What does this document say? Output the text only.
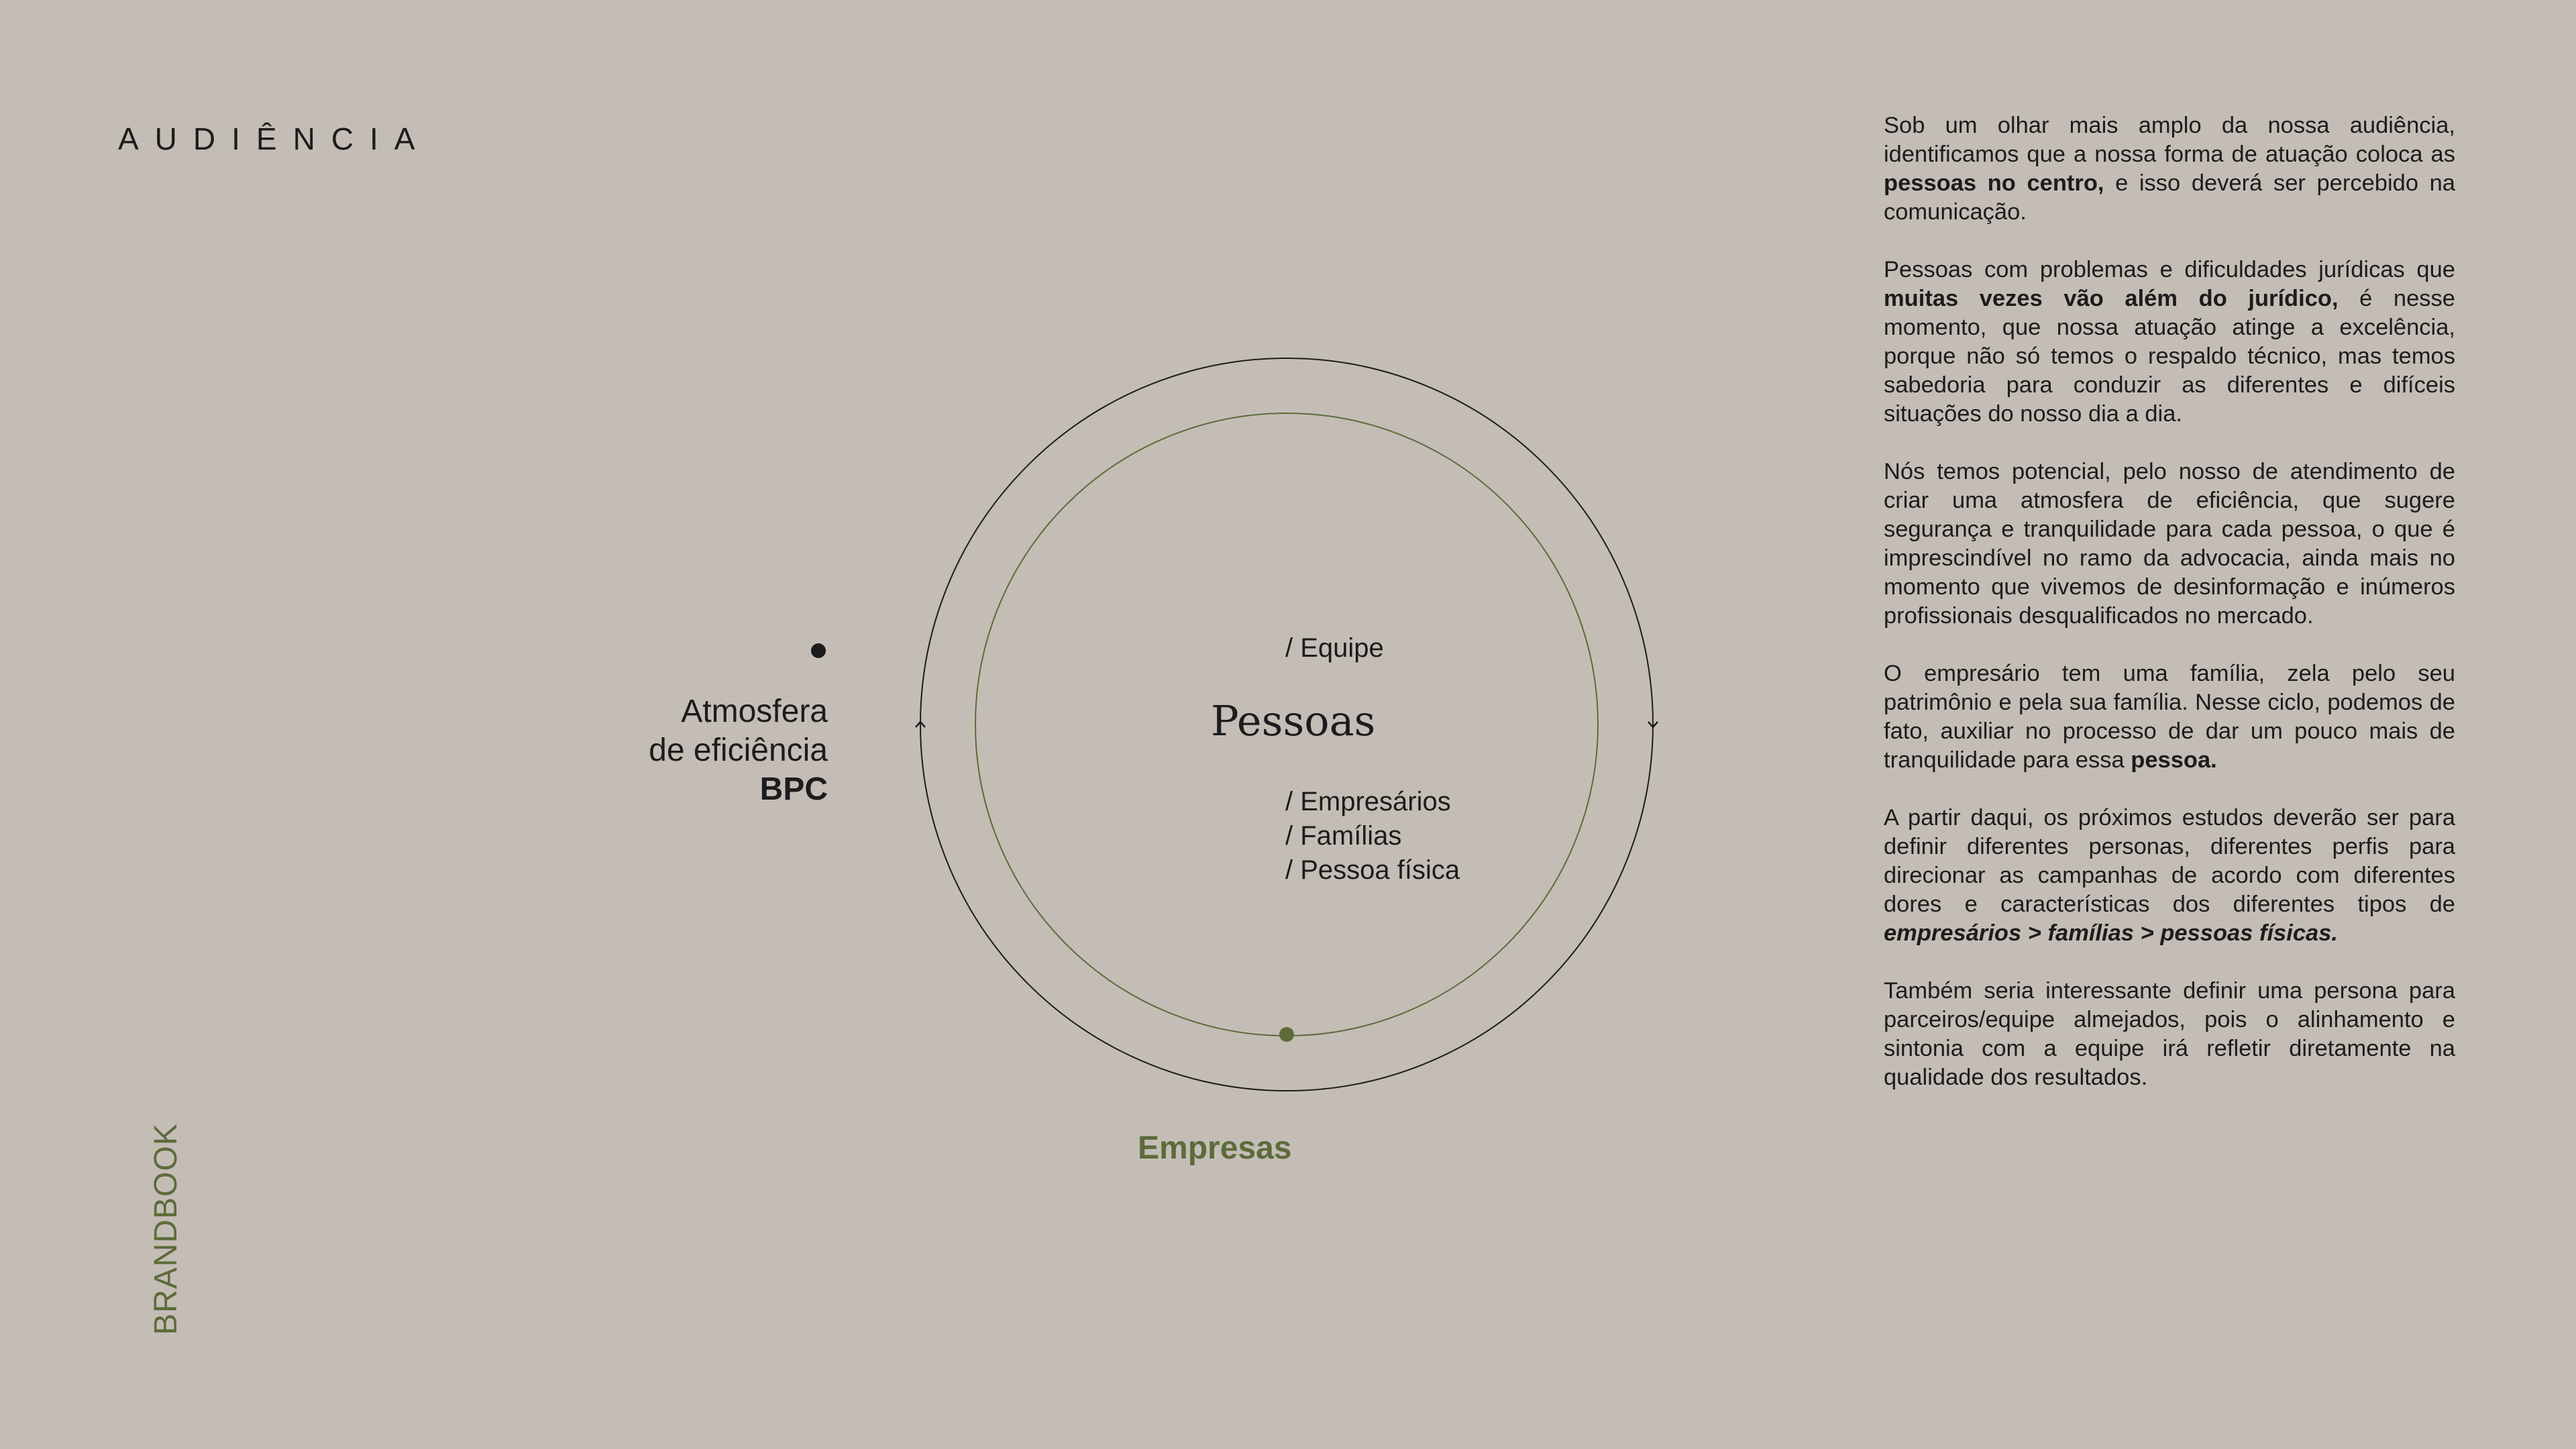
AUDIÊNCIA
BRANDBOOK
Atmosfera
de eficiência
BPC
/ Equipe
Pessoas
/ Empresários
/ Famílias
/ Pessoa física
Empresas

Sob um olhar mais amplo da nossa audiência, identificamos que a nossa forma de atuação coloca as pessoas no centro, e isso deverá ser percebido na comunicação.

Pessoas com problemas e dificuldades jurídicas que muitas vezes vão além do jurídico, é nesse momento, que nossa atuação atinge a excelência, porque não só temos o respaldo técnico, mas temos sabedoria para conduzir as diferentes e difíceis situações do nosso dia a dia.

Nós temos potencial, pelo nosso de atendimento de criar uma atmosfera de eficiência, que sugere segurança e tranquilidade para cada pessoa, o que é imprescindível no ramo da advocacia, ainda mais no momento que vivemos de desinformação e inúmeros profissionais desqualificados no mercado.

O empresário tem uma família, zela pelo seu patrimônio e pela sua família. Nesse ciclo, podemos de fato, auxiliar no processo de dar um pouco mais de tranquilidade para essa pessoa.

A partir daqui, os próximos estudos deverão ser para definir diferentes personas, diferentes perfis para direcionar as campanhas de acordo com diferentes dores e características dos diferentes tipos de empresários > famílias > pessoas físicas.

Também seria interessante definir uma persona para parceiros/equipe almejados, pois o alinhamento e sintonia com a equipe irá refletir diretamente na qualidade dos resultados.
